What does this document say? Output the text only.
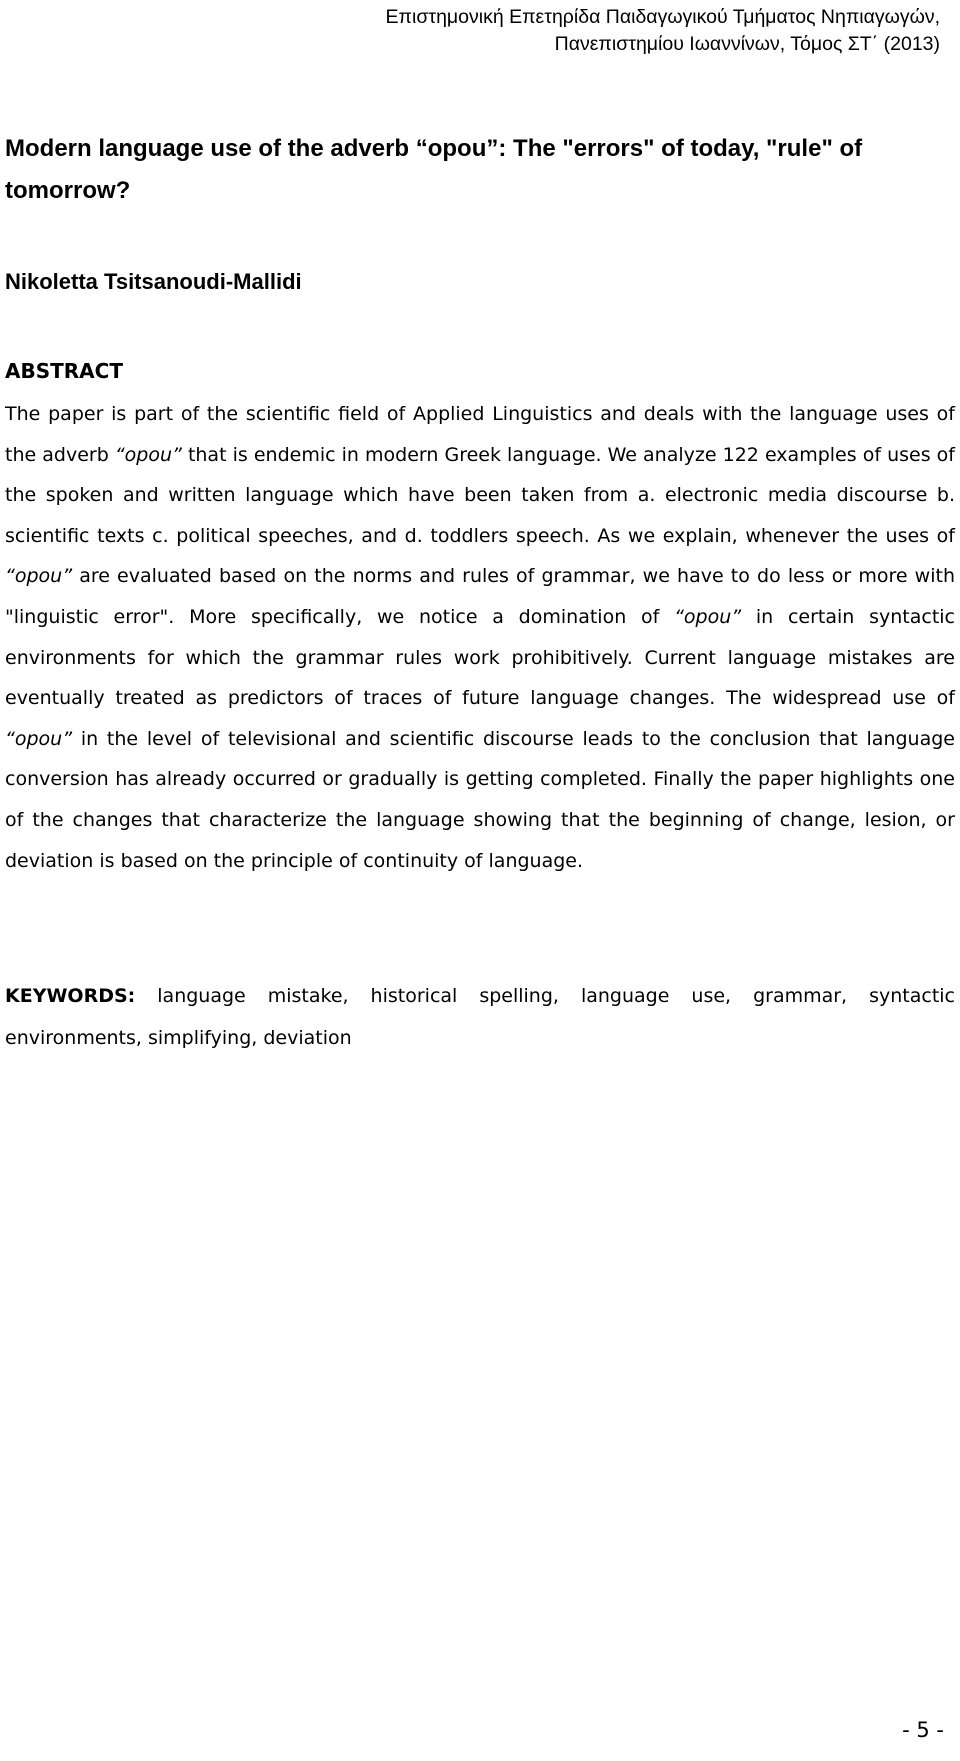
Επιστημονική Επετηρίδα Παιδαγωγικού Τμήματος Νηπιαγωγών,
Πανεπιστημίου Ιωαννίνων, Τόμος ΣΤ΄ (2013)
Modern language use of the adverb “opou”: The "errors" of today, "rule" of tomorrow?
Nikoletta Tsitsanoudi-Mallidi
ABSTRACT

The paper is part of the scientific field of Applied Linguistics and deals with the language uses of the adverb “opou” that is endemic in modern Greek language. We analyze 122 examples of uses of the spoken and written language which have been taken from a. electronic media discourse b. scientific texts c. political speeches, and d. toddlers speech. As we explain, whenever the uses of “opou” are evaluated based on the norms and rules of grammar, we have to do less or more with "linguistic error". More specifically, we notice a domination of “opou” in certain syntactic environments for which the grammar rules work prohibitively. Current language mistakes are eventually treated as predictors of traces of future language changes. The widespread use of “opou” in the level of televisional and scientific discourse leads to the conclusion that language conversion has already occurred or gradually is getting completed. Finally the paper highlights one of the changes that characterize the language showing that the beginning of change, lesion, or deviation is based on the principle of continuity of language.

KEYWORDS: language mistake, historical spelling, language use, grammar, syntactic environments, simplifying, deviation

- 5 -
